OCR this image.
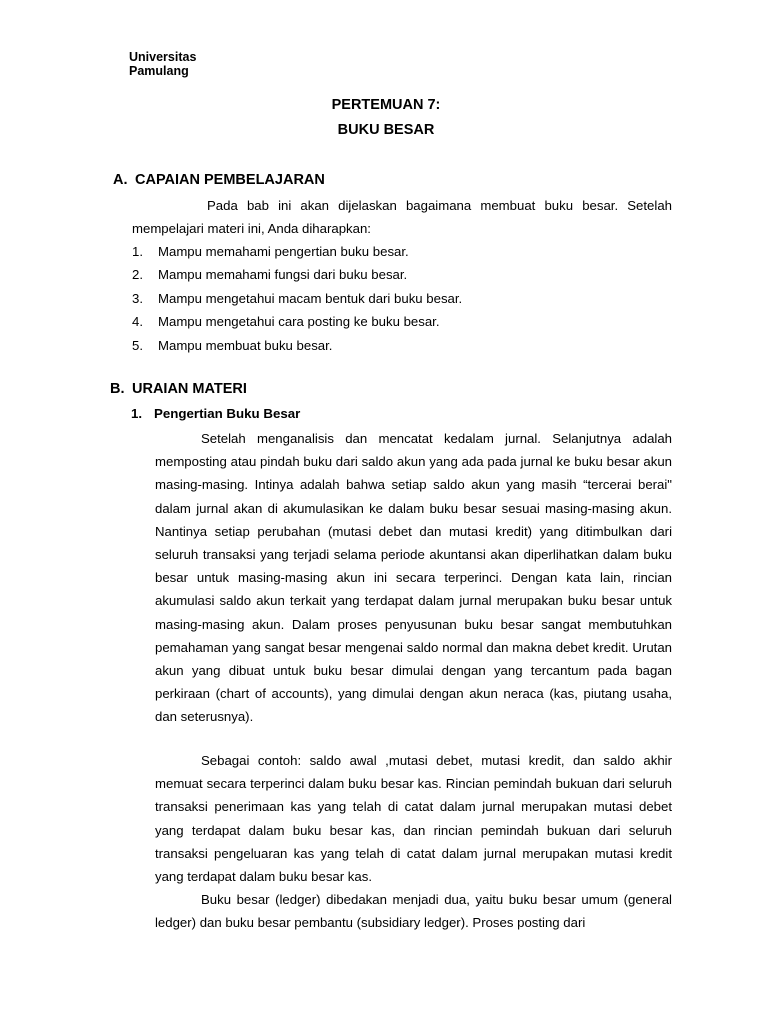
Universitas
Pamulang
PERTEMUAN 7:
BUKU BESAR
A. CAPAIAN PEMBELAJARAN

Pada bab ini akan dijelaskan bagaimana membuat buku besar. Setelah mempelajari materi ini, Anda diharapkan:

1.	Mampu memahami pengertian buku besar.
2.	Mampu memahami fungsi dari buku besar.
3.	Mampu mengetahui macam bentuk dari buku besar.
4.	Mampu mengetahui cara posting ke buku besar.
5.	Mampu membuat buku besar.
B. URAIAN MATERI
1. Pengertian Buku Besar

Setelah menganalisis dan mencatat kedalam jurnal. Selanjutnya adalah memposting atau pindah buku dari saldo akun yang ada pada jurnal ke buku besar akun masing-masing. Intinya adalah bahwa setiap saldo akun yang masih “tercerai berai" dalam jurnal akan di akumulasikan ke dalam buku besar sesuai masing-masing akun. Nantinya setiap perubahan (mutasi debet dan mutasi kredit) yang ditimbulkan dari seluruh transaksi yang terjadi selama periode akuntansi akan diperlihatkan dalam buku besar untuk masing-masing akun ini secara terperinci. Dengan kata lain, rincian akumulasi saldo akun terkait yang terdapat dalam jurnal merupakan buku besar untuk masing-masing akun. Dalam proses penyusunan buku besar sangat membutuhkan pemahaman yang sangat besar mengenai saldo normal dan makna debet kredit. Urutan akun yang dibuat untuk buku besar dimulai dengan yang tercantum pada bagan perkiraan (chart of accounts), yang dimulai dengan akun neraca (kas, piutang usaha, dan seterusnya).

Sebagai contoh: saldo awal ,mutasi debet, mutasi kredit, dan saldo akhir memuat secara terperinci dalam buku besar kas. Rincian pemindah bukuan dari seluruh transaksi penerimaan kas yang telah di catat dalam jurnal merupakan mutasi debet yang terdapat dalam buku besar kas, dan rincian pemindah bukuan dari seluruh transaksi pengeluaran kas yang telah di catat dalam jurnal merupakan mutasi kredit yang terdapat dalam buku besar kas.

Buku besar (ledger) dibedakan menjadi dua, yaitu buku besar umum (general ledger) dan buku besar pembantu (subsidiary ledger). Proses posting dari
